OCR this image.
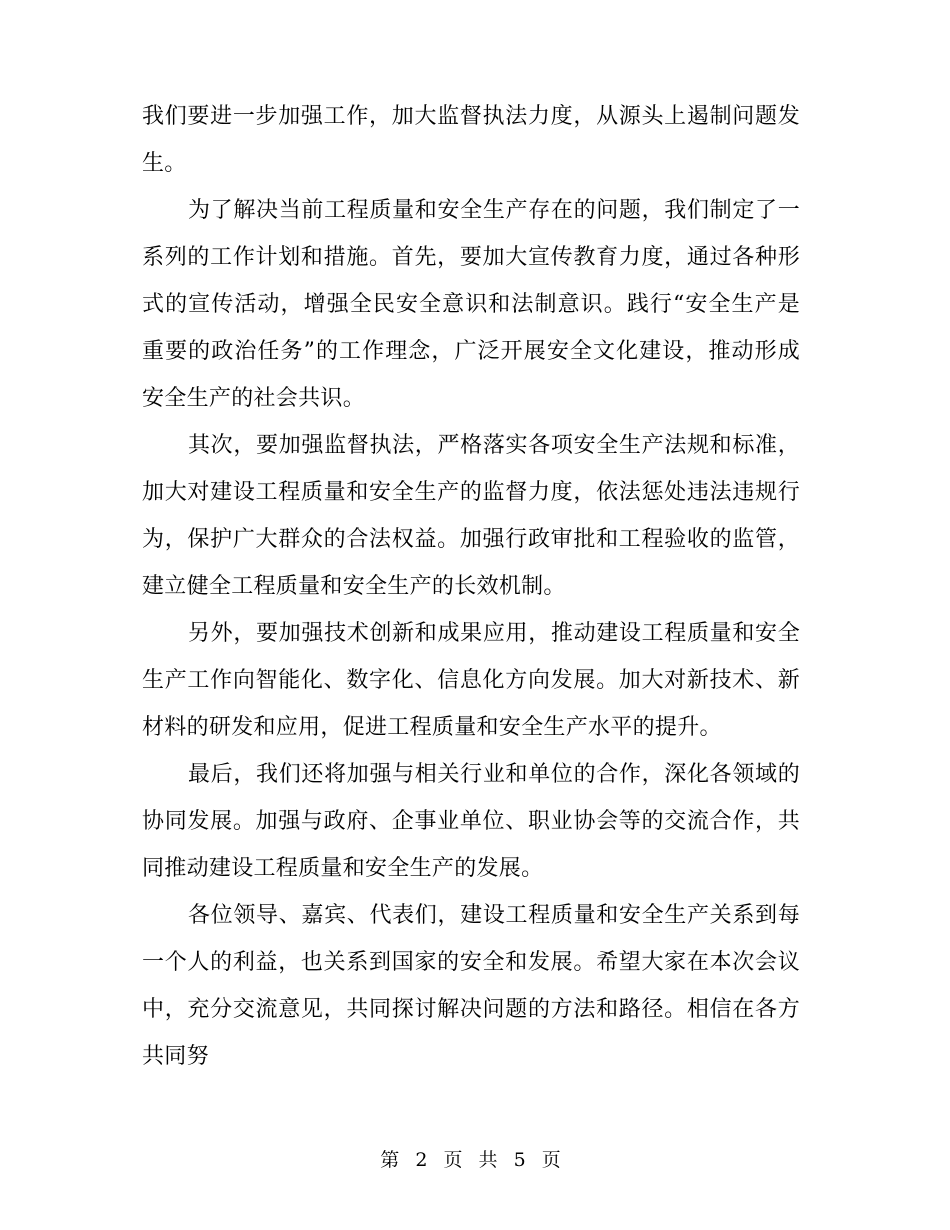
我们要进一步加强工作，加大监督执法力度，从源头上遏制问题发生。

为了解决当前工程质量和安全生产存在的问题，我们制定了一系列的工作计划和措施。首先，要加大宣传教育力度，通过各种形式的宣传活动，增强全民安全意识和法制意识。践行“安全生产是重要的政治任务”的工作理念，广泛开展安全文化建设，推动形成安全生产的社会共识。

其次，要加强监督执法，严格落实各项安全生产法规和标准，加大对建设工程质量和安全生产的监督力度，依法惩处违法违规行为，保护广大群众的合法权益。加强行政审批和工程验收的监管，建立健全工程质量和安全生产的长效机制。

另外，要加强技术创新和成果应用，推动建设工程质量和安全生产工作向智能化、数字化、信息化方向发展。加大对新技术、新材料的研发和应用，促进工程质量和安全生产水平的提升。

最后，我们还将加强与相关行业和单位的合作，深化各领域的协同发展。加强与政府、企事业单位、职业协会等的交流合作，共同推动建设工程质量和安全生产的发展。

各位领导、嘉宾、代表们，建设工程质量和安全生产关系到每一个人的利益，也关系到国家的安全和发展。希望大家在本次会议中，充分交流意见，共同探讨解决问题的方法和路径。相信在各方共同努

第 2 页 共 5 页
